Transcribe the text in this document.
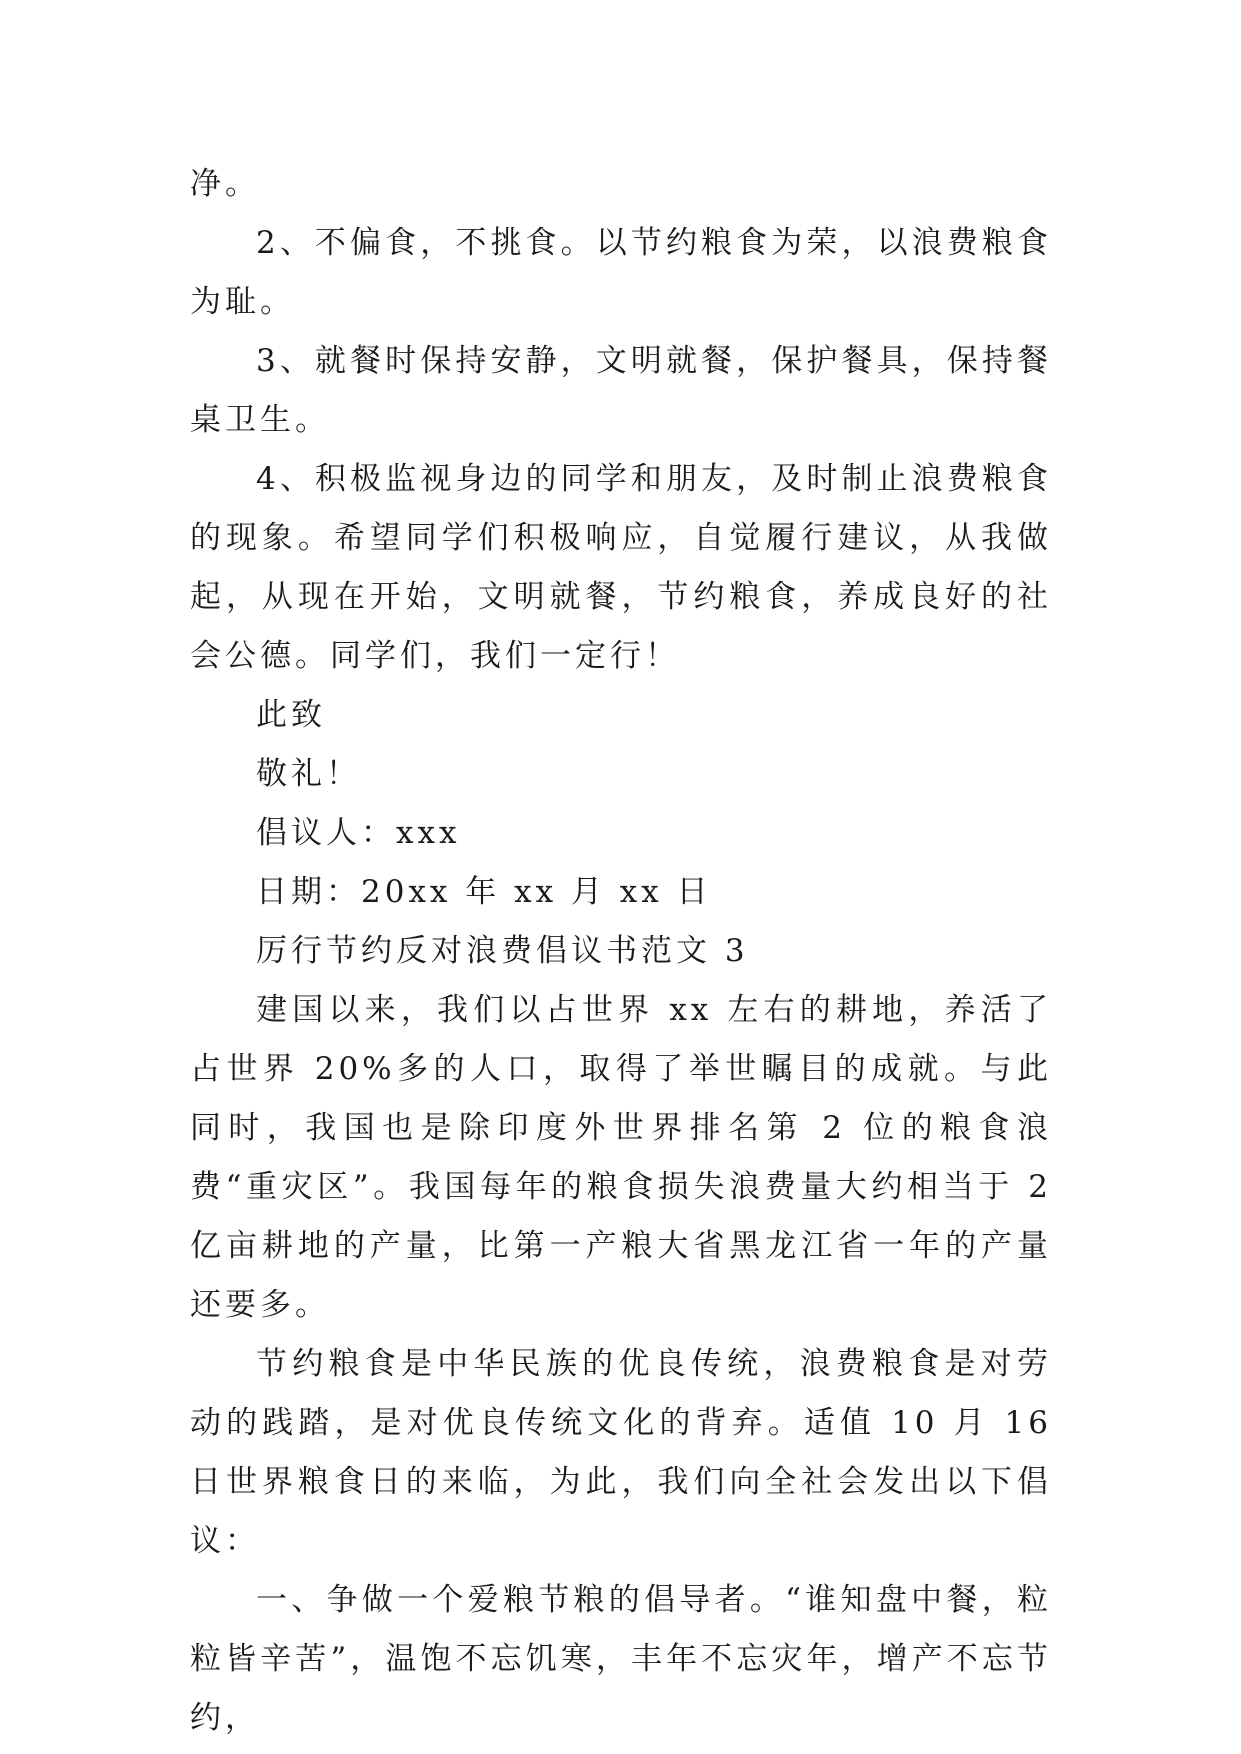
净。

2、不偏食，不挑食。以节约粮食为荣，以浪费粮食为耻。

3、就餐时保持安静，文明就餐，保护餐具，保持餐桌卫生。

4、积极监视身边的同学和朋友，及时制止浪费粮食的现象。希望同学们积极响应，自觉履行建议，从我做起，从现在开始，文明就餐，节约粮食，养成良好的社会公德。同学们，我们一定行！

此致

敬礼！

倡议人：xxx

日期：20xx 年 xx 月 xx 日

厉行节约反对浪费倡议书范文 3

建国以来，我们以占世界 xx 左右的耕地，养活了占世界 20%多的人口，取得了举世瞩目的成就。与此同时，我国也是除印度外世界排名第 2 位的粮食浪费“重灾区”。我国每年的粮食损失浪费量大约相当于 2 亿亩耕地的产量，比第一产粮大省黑龙江省一年的产量还要多。

节约粮食是中华民族的优良传统，浪费粮食是对劳动的践踏，是对优良传统文化的背弃。适值 10 月 16 日世界粮食日的来临，为此，我们向全社会发出以下倡议：

一、争做一个爱粮节粮的倡导者。“谁知盘中餐，粒粒皆辛苦”，温饱不忘饥寒，丰年不忘灾年，增产不忘节约，
